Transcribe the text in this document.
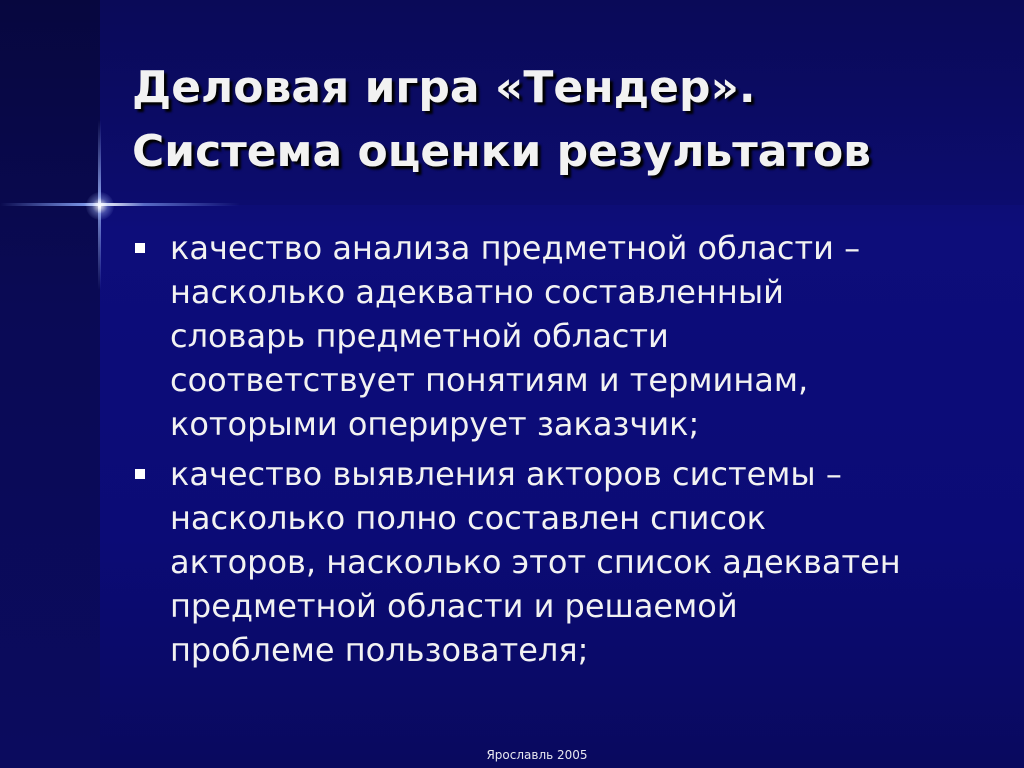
Деловая игра «Тендер».
Система оценки результатов
качество анализа предметной области –
насколько адекватно составленный
словарь предметной области
соответствует понятиям и терминам,
которыми оперирует заказчик;
качество выявления акторов системы –
насколько полно составлен список
акторов, насколько этот список адекватен
предметной области и решаемой
проблеме пользователя;
Ярославль 2005
